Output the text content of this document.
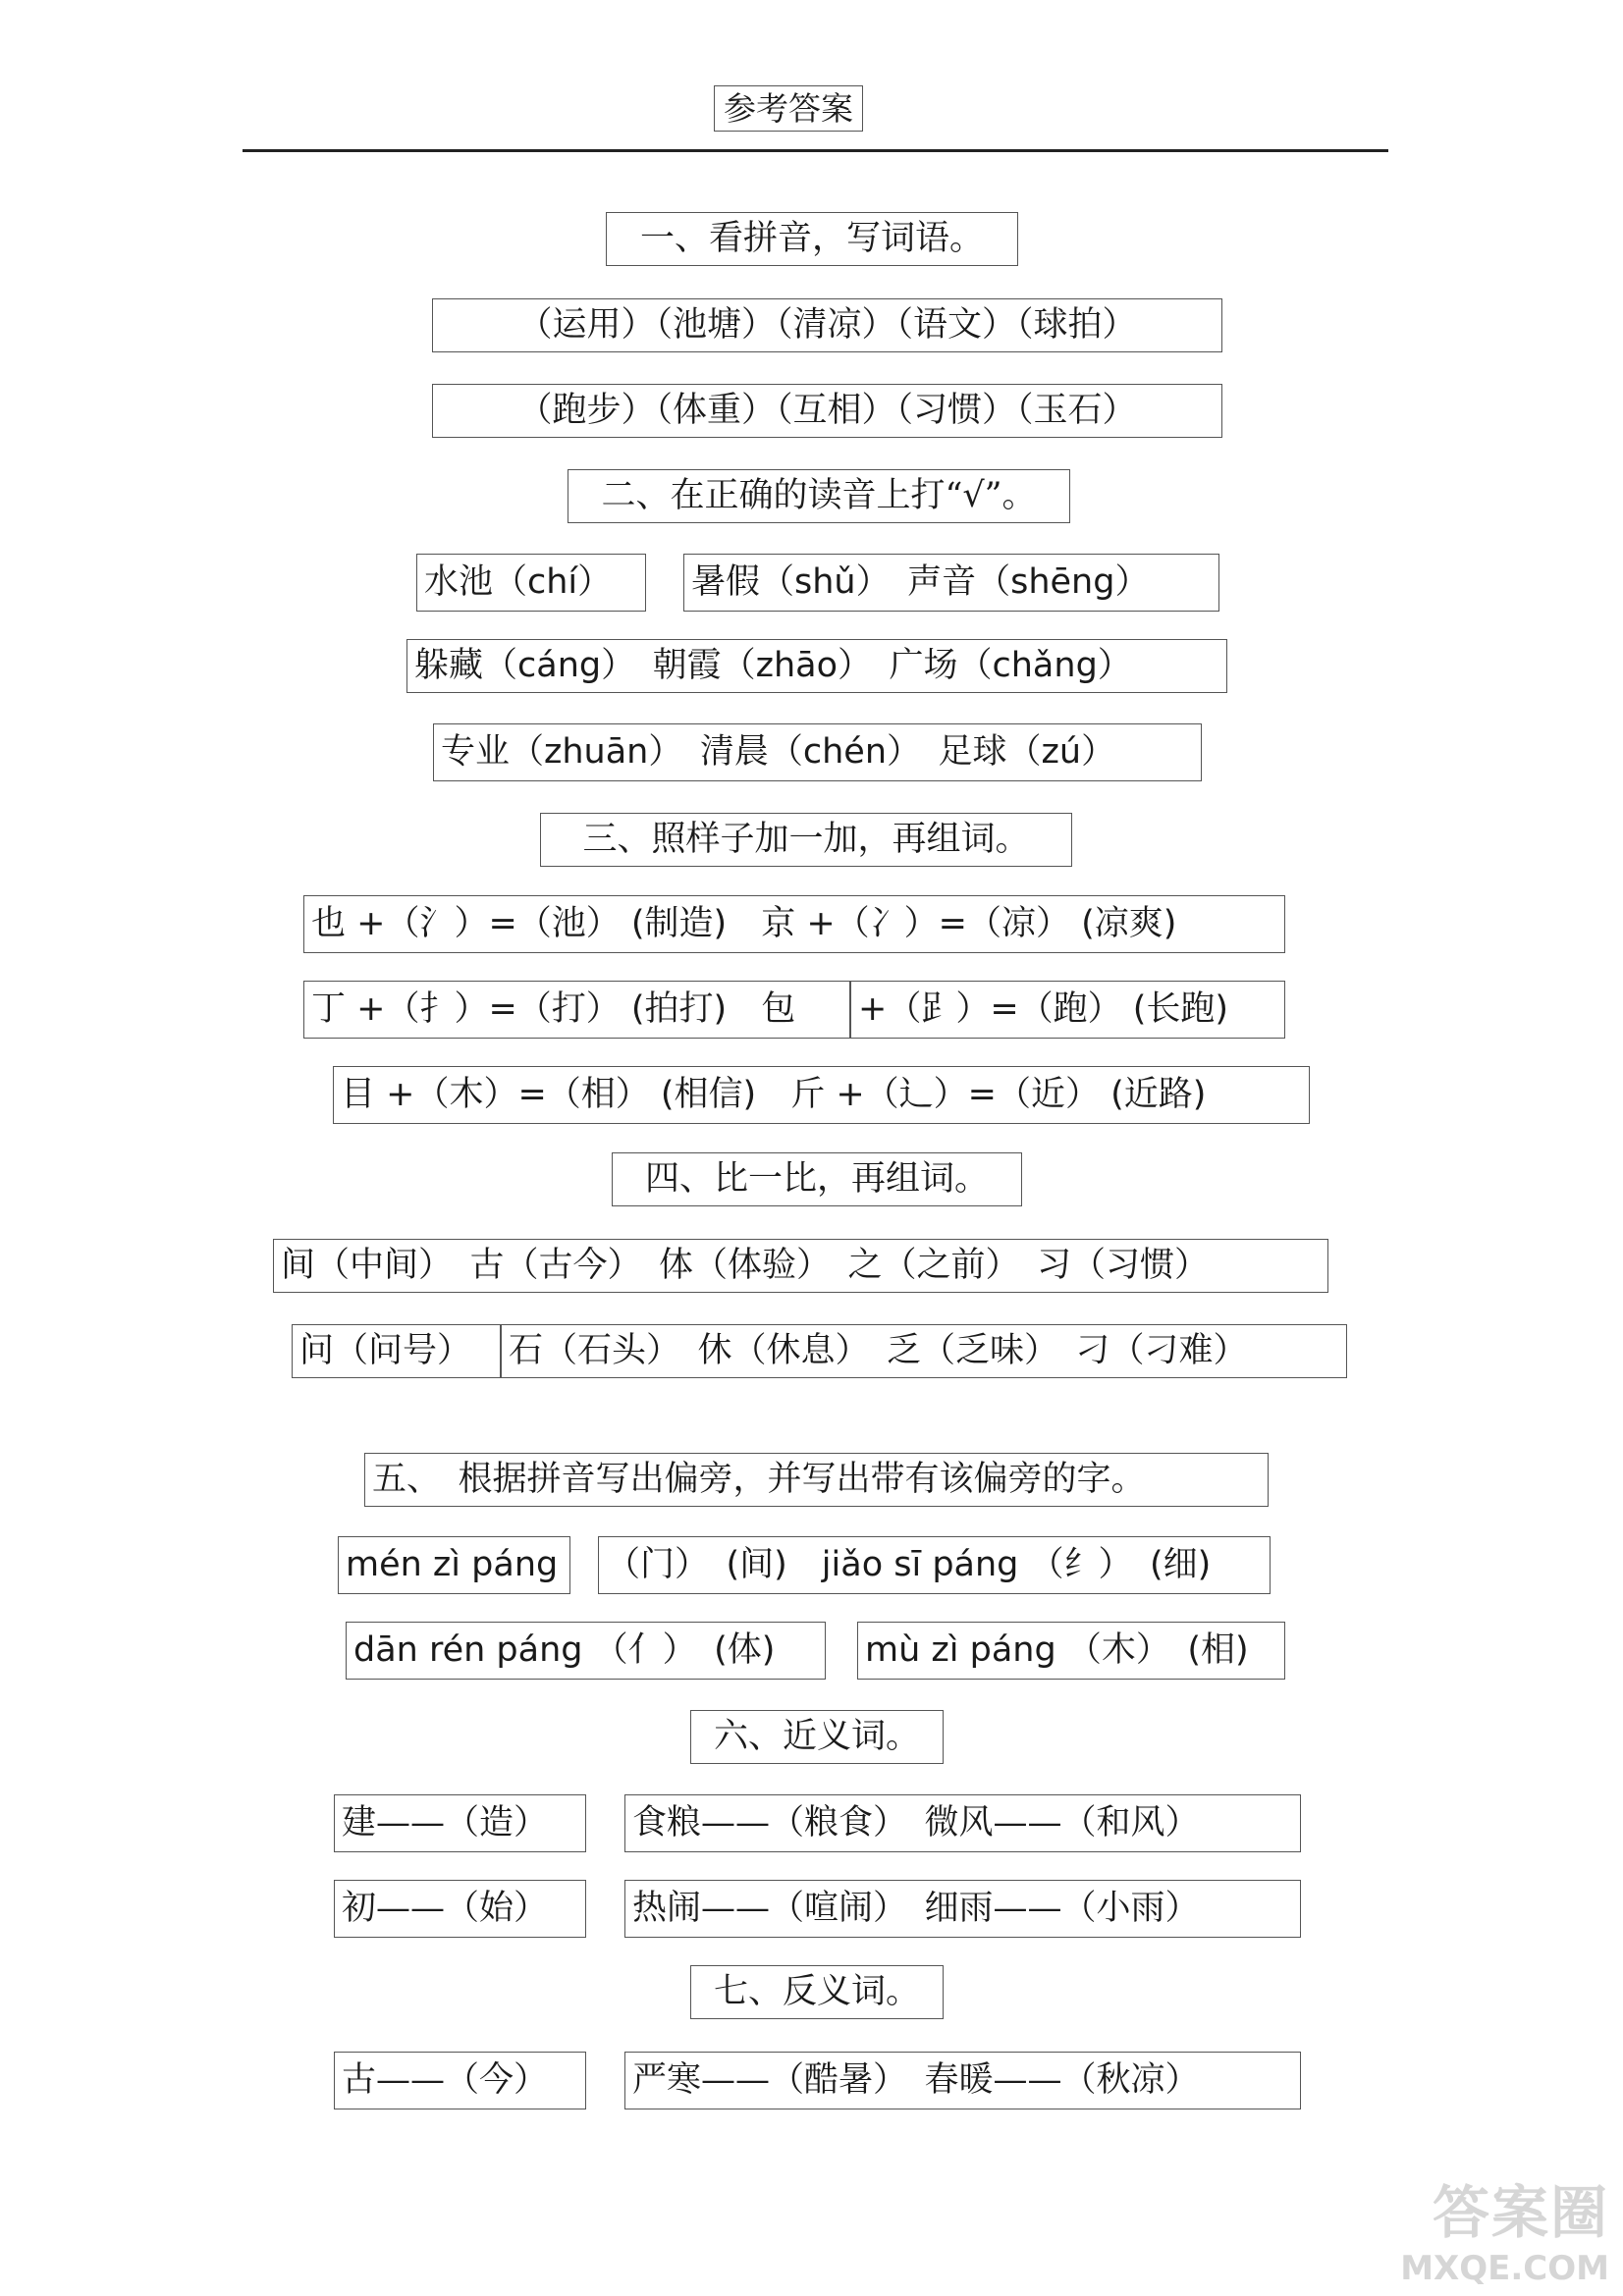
参考答案
一、看拼音，写词语。
（运用）（池塘）（清凉）（语文）（球拍）
（跑步）（体重）（互相）（习惯）（玉石）
二、在正确的读音上打“√”。
水池（chí）	暑假（shǔ）　声音（shēng）
躲藏（cáng）　朝霞（zhāo）　广场（chǎng）
专业（zhuān）　清晨（chén）　足球（zú）
三、照样子加一加，再组词。
也 +（氵）=（池） (制造)　京 +（冫）=（凉） (凉爽)
丁 +（扌）=（打） (拍打)　包	+（𧾷）=（跑） (长跑)
目 +（木）=（相） (相信)　斤 +（辶）=（近） (近路)
四、比一比，再组词。
间（中间）　古（古今）　体（体验）　之（之前）　习（习惯）
问（问号）	石（石头）　休（休息）　乏（乏味）　刁（刁难）
五、　根据拼音写出偏旁，并写出带有该偏旁的字。
mén zì páng	（门）　(间)　jiǎo sī páng （纟）　(细)
dān rén páng （亻）　(体)	mù zì páng （木）　(相)
六、近义词。
建——（造）	食粮——（粮食）　微风——（和风）
初——（始）	热闹——（喧闹）　细雨——（小雨）
七、反义词。
古——（今）	严寒——（酷暑）　春暖——（秋凉）
答案圈
MXQE.COM
